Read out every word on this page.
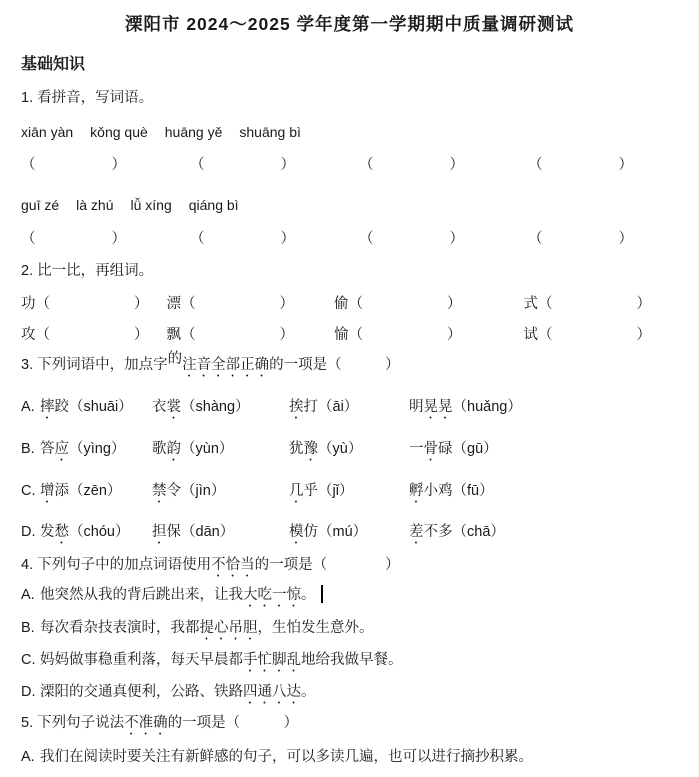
溧阳市 2024～2025 学年度第一学期期中质量调研测试
基础知识
1. 看拼音，写词语。
xiān yàn kǒng què huāng yě shuāng bì
（	）	（	）	（	）	（	）
guī zé là zhú lǚ xíng qiáng bì
（	）	（	）	（	）	（	）
2. 比一比，再组词。
功（	） 漂（	）	偷（	）	式（	）
攻（	） 飘（	）	愉（	）	试（	）
3. 下列词语中，加点字的注音全部正确的一项是（　　　）
A. 摔跤（shuāi） 衣裳（shàng）	挨打（āi）	明晃晃（huǎng）
B. 答应（yìng） 歌韵（yùn）	犹豫（yù）	一骨碌（gū）
C. 增添（zēn） 禁令（jìn）	几乎（jǐ）	孵小鸡（fū）
D. 发愁（chóu） 担保（dān）	模仿（mú）	差不多（chā）
4. 下列句子中的加点词语使用不恰当的一项是（　　　　）
A. 他突然从我的背后跳出来，让我大吃一惊。
B. 每次看杂技表演时，我都提心吊胆，生怕发生意外。
C. 妈妈做事稳重利落，每天早晨都手忙脚乱地给我做早餐。
D. 溧阳的交通真便利，公路、铁路四通八达。
5. 下列句子说法不准确的一项是（　　　）
A. 我们在阅读时要关注有新鲜感的句子，可以多读几遍，也可以进行摘抄积累。
